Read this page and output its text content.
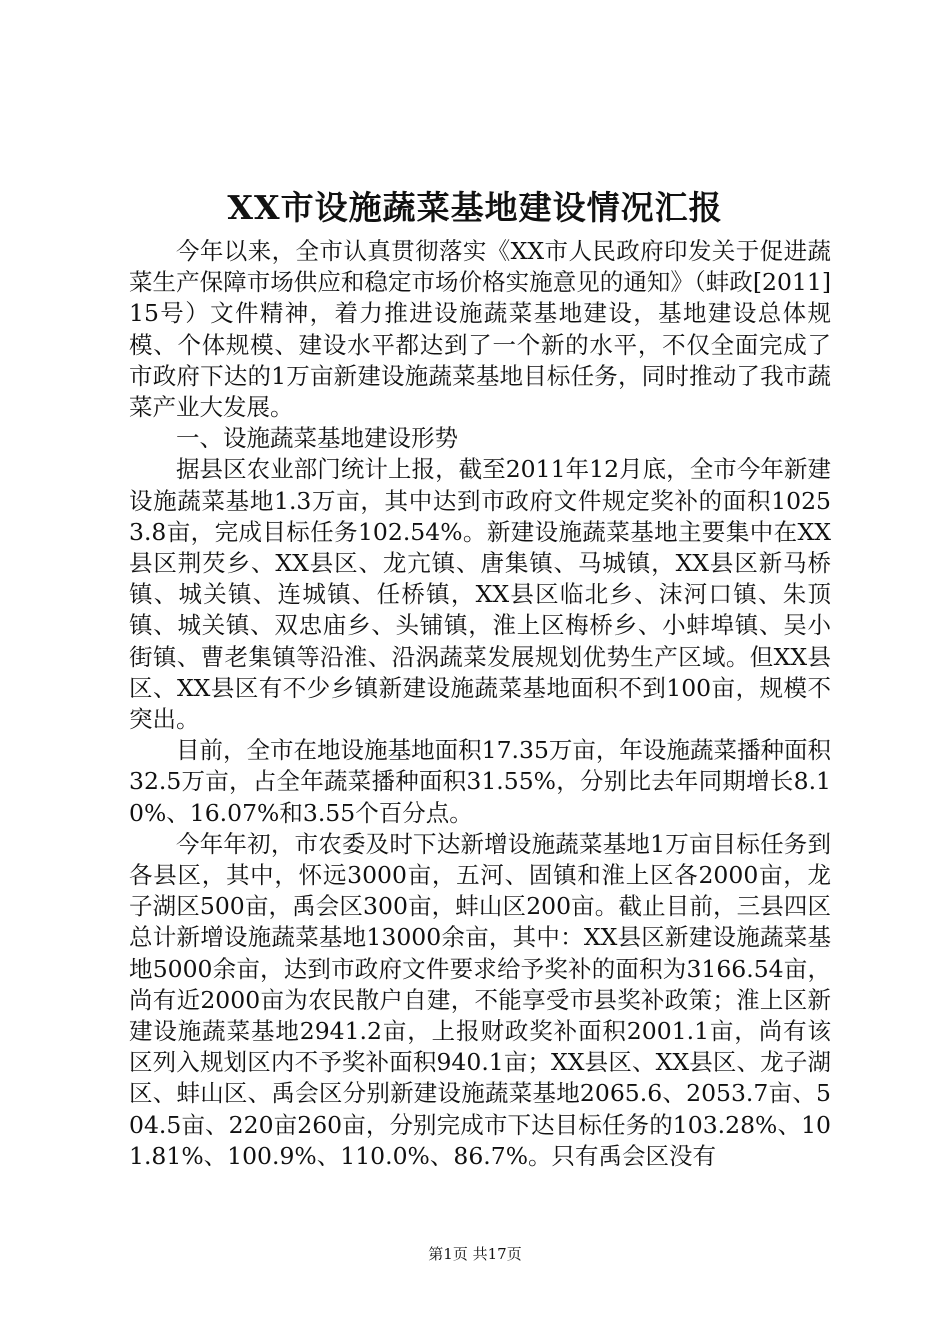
XX市设施蔬菜基地建设情况汇报

今年以来，全市认真贯彻落实《XX市人民政府印发关于促进蔬菜生产保障市场供应和稳定市场价格实施意见的通知》（蚌政[2011]15号）文件精神，着力推进设施蔬菜基地建设，基地建设总体规模、个体规模、建设水平都达到了一个新的水平，不仅全面完成了市政府下达的1万亩新建设施蔬菜基地目标任务，同时推动了我市蔬菜产业大发展。

一、设施蔬菜基地建设形势

据县区农业部门统计上报，截至2011年12月底，全市今年新建设施蔬菜基地1.3万亩，其中达到市政府文件规定奖补的面积10253.8亩，完成目标任务102.54%。新建设施蔬菜基地主要集中在XX县区荆芡乡、XX县区、龙亢镇、唐集镇、马城镇，XX县区新马桥镇、城关镇、连城镇、任桥镇，XX县区临北乡、沫河口镇、朱顶镇、城关镇、双忠庙乡、头铺镇，淮上区梅桥乡、小蚌埠镇、吴小街镇、曹老集镇等沿淮、沿涡蔬菜发展规划优势生产区域。但XX县区、XX县区有不少乡镇新建设施蔬菜基地面积不到100亩，规模不突出。

目前，全市在地设施基地面积17.35万亩，年设施蔬菜播种面积32.5万亩，占全年蔬菜播种面积31.55%，分别比去年同期增长8.10%、16.07%和3.55个百分点。

今年年初，市农委及时下达新增设施蔬菜基地1万亩目标任务到各县区，其中，怀远3000亩，五河、固镇和淮上区各2000亩，龙子湖区500亩，禹会区300亩，蚌山区200亩。截止目前，三县四区总计新增设施蔬菜基地13000余亩，其中：XX县区新建设施蔬菜基地5000余亩，达到市政府文件要求给予奖补的面积为3166.54亩，尚有近2000亩为农民散户自建，不能享受市县奖补政策；淮上区新建设施蔬菜基地2941.2亩，上报财政奖补面积2001.1亩，尚有该区列入规划区内不予奖补面积940.1亩；XX县区、XX县区、龙子湖区、蚌山区、禹会区分别新建设施蔬菜基地2065.6、2053.7亩、504.5亩、220亩260亩，分别完成市下达目标任务的103.28%、101.81%、100.9%、110.0%、86.7%。只有禹会区没有

第1页 共17页
